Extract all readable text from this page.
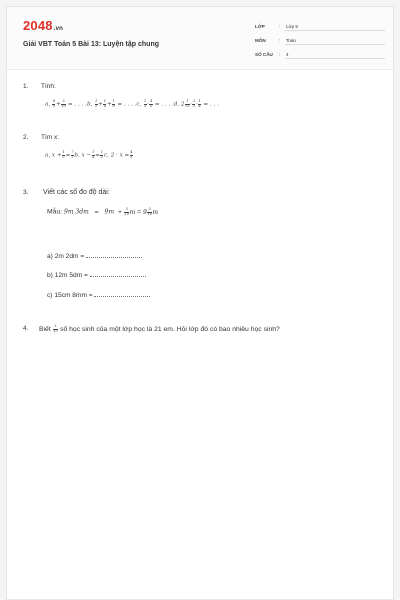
2048.vn
Giải VBT Toán 5 Bài 13: Luyện tập chung
LỚP	: Lớp 5
MÔN	: Toán
SỐ CÂU : 4
1. Tính:
a, $\frac{8}{9} + \frac{3}{10}$ = . . . .b, $\frac{1}{2} + \frac{1}{4} + \frac{1}{8}$ = . . . .c, $\frac{1}{3} \cdot \frac{4}{5}$ = . . . .d, $2 \frac{1}{15} \cdot \frac{3}{5} \cdot \frac{1}{4}$ = . . .
2. Tìm x:
a, $x + \frac{1}{2} = \frac{7}{2} b$, $x - \frac{1}{4} = \frac{1}{5} c$, $2 \cdot x = \frac{4}{5}$
3. Viết các số đo độ dài:
Mẫu: 9m $3dm = 9m + \frac{3}{10}$ $m = 9 \frac{3}{10}$ m
a) 2m 2dm =
b) 12m 5dm =
c) 15cm 8mm =
4. Biết $\frac{2}{15}$ số học sinh của một lớp học là 21 em. Hỏi lớp đó có bao nhiêu học sinh?
